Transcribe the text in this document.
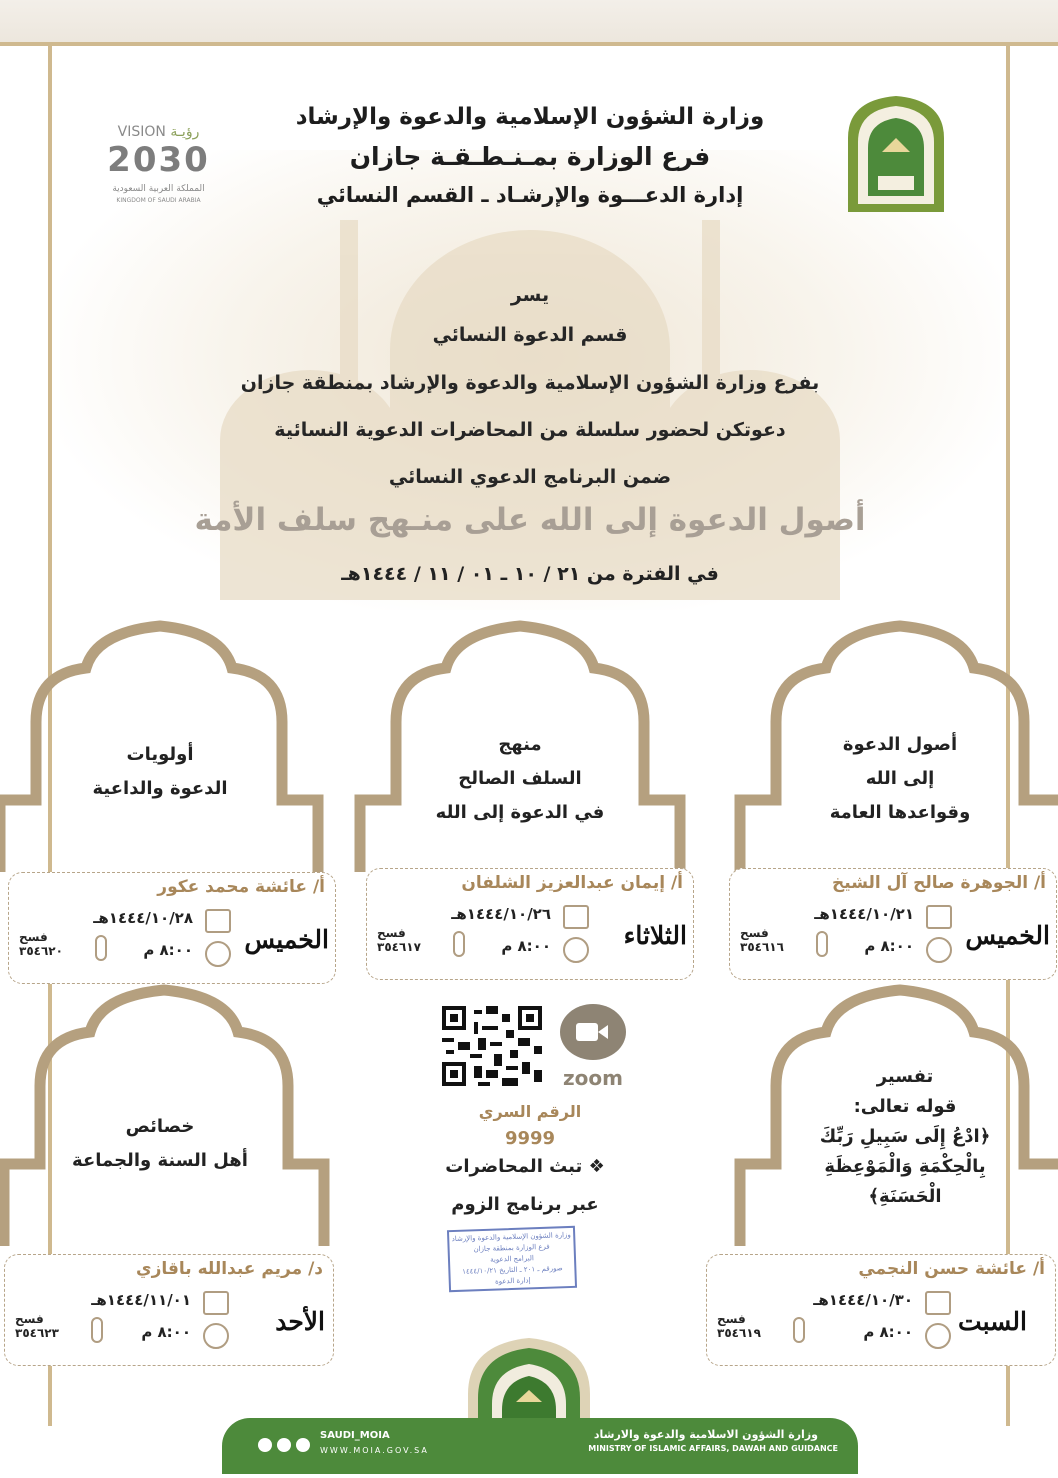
VISION رؤيـة
2030
المملكة العربية السعودية
KINGDOM OF SAUDI ARABIA
وزارة الشؤون الإسلامية والدعوة والإرشاد
فرع الوزارة بمـنـطـقـة جازان
إدارة الدعـــوة والإرشـاد ـ القسم النسائي
يسر
قسم الدعوة النسائي
بفرع وزارة الشؤون الإسلامية والدعوة والإرشاد بمنطقة جازان
دعوتكن لحضور سلسلة من المحاضرات الدعوية النسائية
ضمن البرنامج الدعوي النسائي
أصول الدعوة إلى الله على منـهج سلف الأمة
في الفترة من ٢١ / ١٠ ـ ٠١ / ١١ / ١٤٤٤هـ
أصول الدعوة
إلى الله
وقواعدها العامة
منهج
السلف الصالح
في الدعوة إلى الله
أولويات
الدعوة والداعية
تفسير
قوله تعالى:
﴿ادْعُ إِلَى سَبِيلِ رَبِّكَ
بِالْحِكْمَةِ وَالْمَوْعِظَةِ
الْحَسَنَةِ﴾
خصائص
أهل السنة والجماعة
أ/ الجوهرة صالح آل الشيخ
١٤٤٤/١٠/٢١هـ
٨:٠٠ م
فسح
٣٥٤٦١٦	الخميس
أ/ إيمان عبدالعزيز الشلفان
١٤٤٤/١٠/٢٦هـ
٨:٠٠ م
فسح
٣٥٤٦١٧	الثلاثاء
أ/ عائشة محمد عكور
١٤٤٤/١٠/٢٨هـ
٨:٠٠ م
فسح
٣٥٤٦٢٠	الخميس
أ/ عائشة حسن النجمي
١٤٤٤/١٠/٣٠هـ
٨:٠٠ م
فسح
٣٥٤٦١٩	السبت
د/ مريم عبدالله باقازي
١٤٤٤/١١/٠١هـ
٨:٠٠ م
فسح
٣٥٤٦٢٣	الأحد
zoom
الرقم السري
9999
❖ تبث المحاضرات
عبر برنامج الزوم
وزارة الشؤون الإسلامية والدعوة والإرشاد
فرع الوزارة بمنطقة جازان
البرامج الدعوية
صورقم ـ ٢٠١ ـ التاريخ ١٤٤٤/١٠/٢١
إدارة الدعوة
وزارة الشؤون الاسلامية والدعوة والارشاد
MINISTRY OF ISLAMIC AFFAIRS, DAWAH AND GUIDANCE
SAUDI_MOIA
WWW.MOIA.GOV.SA
